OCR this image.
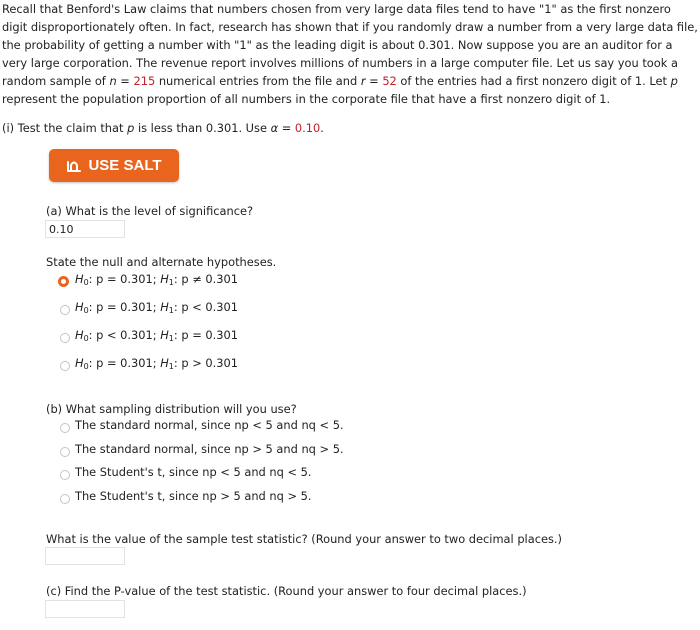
Recall that Benford's Law claims that numbers chosen from very large data files tend to have "1" as the first nonzero digit disproportionately often. In fact, research has shown that if you randomly draw a number from a very large data file, the probability of getting a number with "1" as the leading digit is about 0.301. Now suppose you are an auditor for a very large corporation. The revenue report involves millions of numbers in a large computer file. Let us say you took a random sample of n = 215 numerical entries from the file and r = 52 of the entries had a first nonzero digit of 1. Let p represent the population proportion of all numbers in the corporate file that have a first nonzero digit of 1.
(i) Test the claim that p is less than 0.301. Use α = 0.10.
USE SALT
(a) What is the level of significance?
0.10
State the null and alternate hypotheses.
$H_0$: p = 0.301; $H_1$: p ≠ 0.301
$H_0$: p = 0.301; $H_1$: p < 0.301
$H_0$: p < 0.301; $H_1$: p = 0.301
$H_0$: p = 0.301; $H_1$: p > 0.301
(b) What sampling distribution will you use?
The standard normal, since np < 5 and nq < 5.
The standard normal, since np > 5 and nq > 5.
The Student's t, since np < 5 and nq < 5.
The Student's t, since np > 5 and nq > 5.
What is the value of the sample test statistic? (Round your answer to two decimal places.)
(c) Find the P-value of the test statistic. (Round your answer to four decimal places.)
